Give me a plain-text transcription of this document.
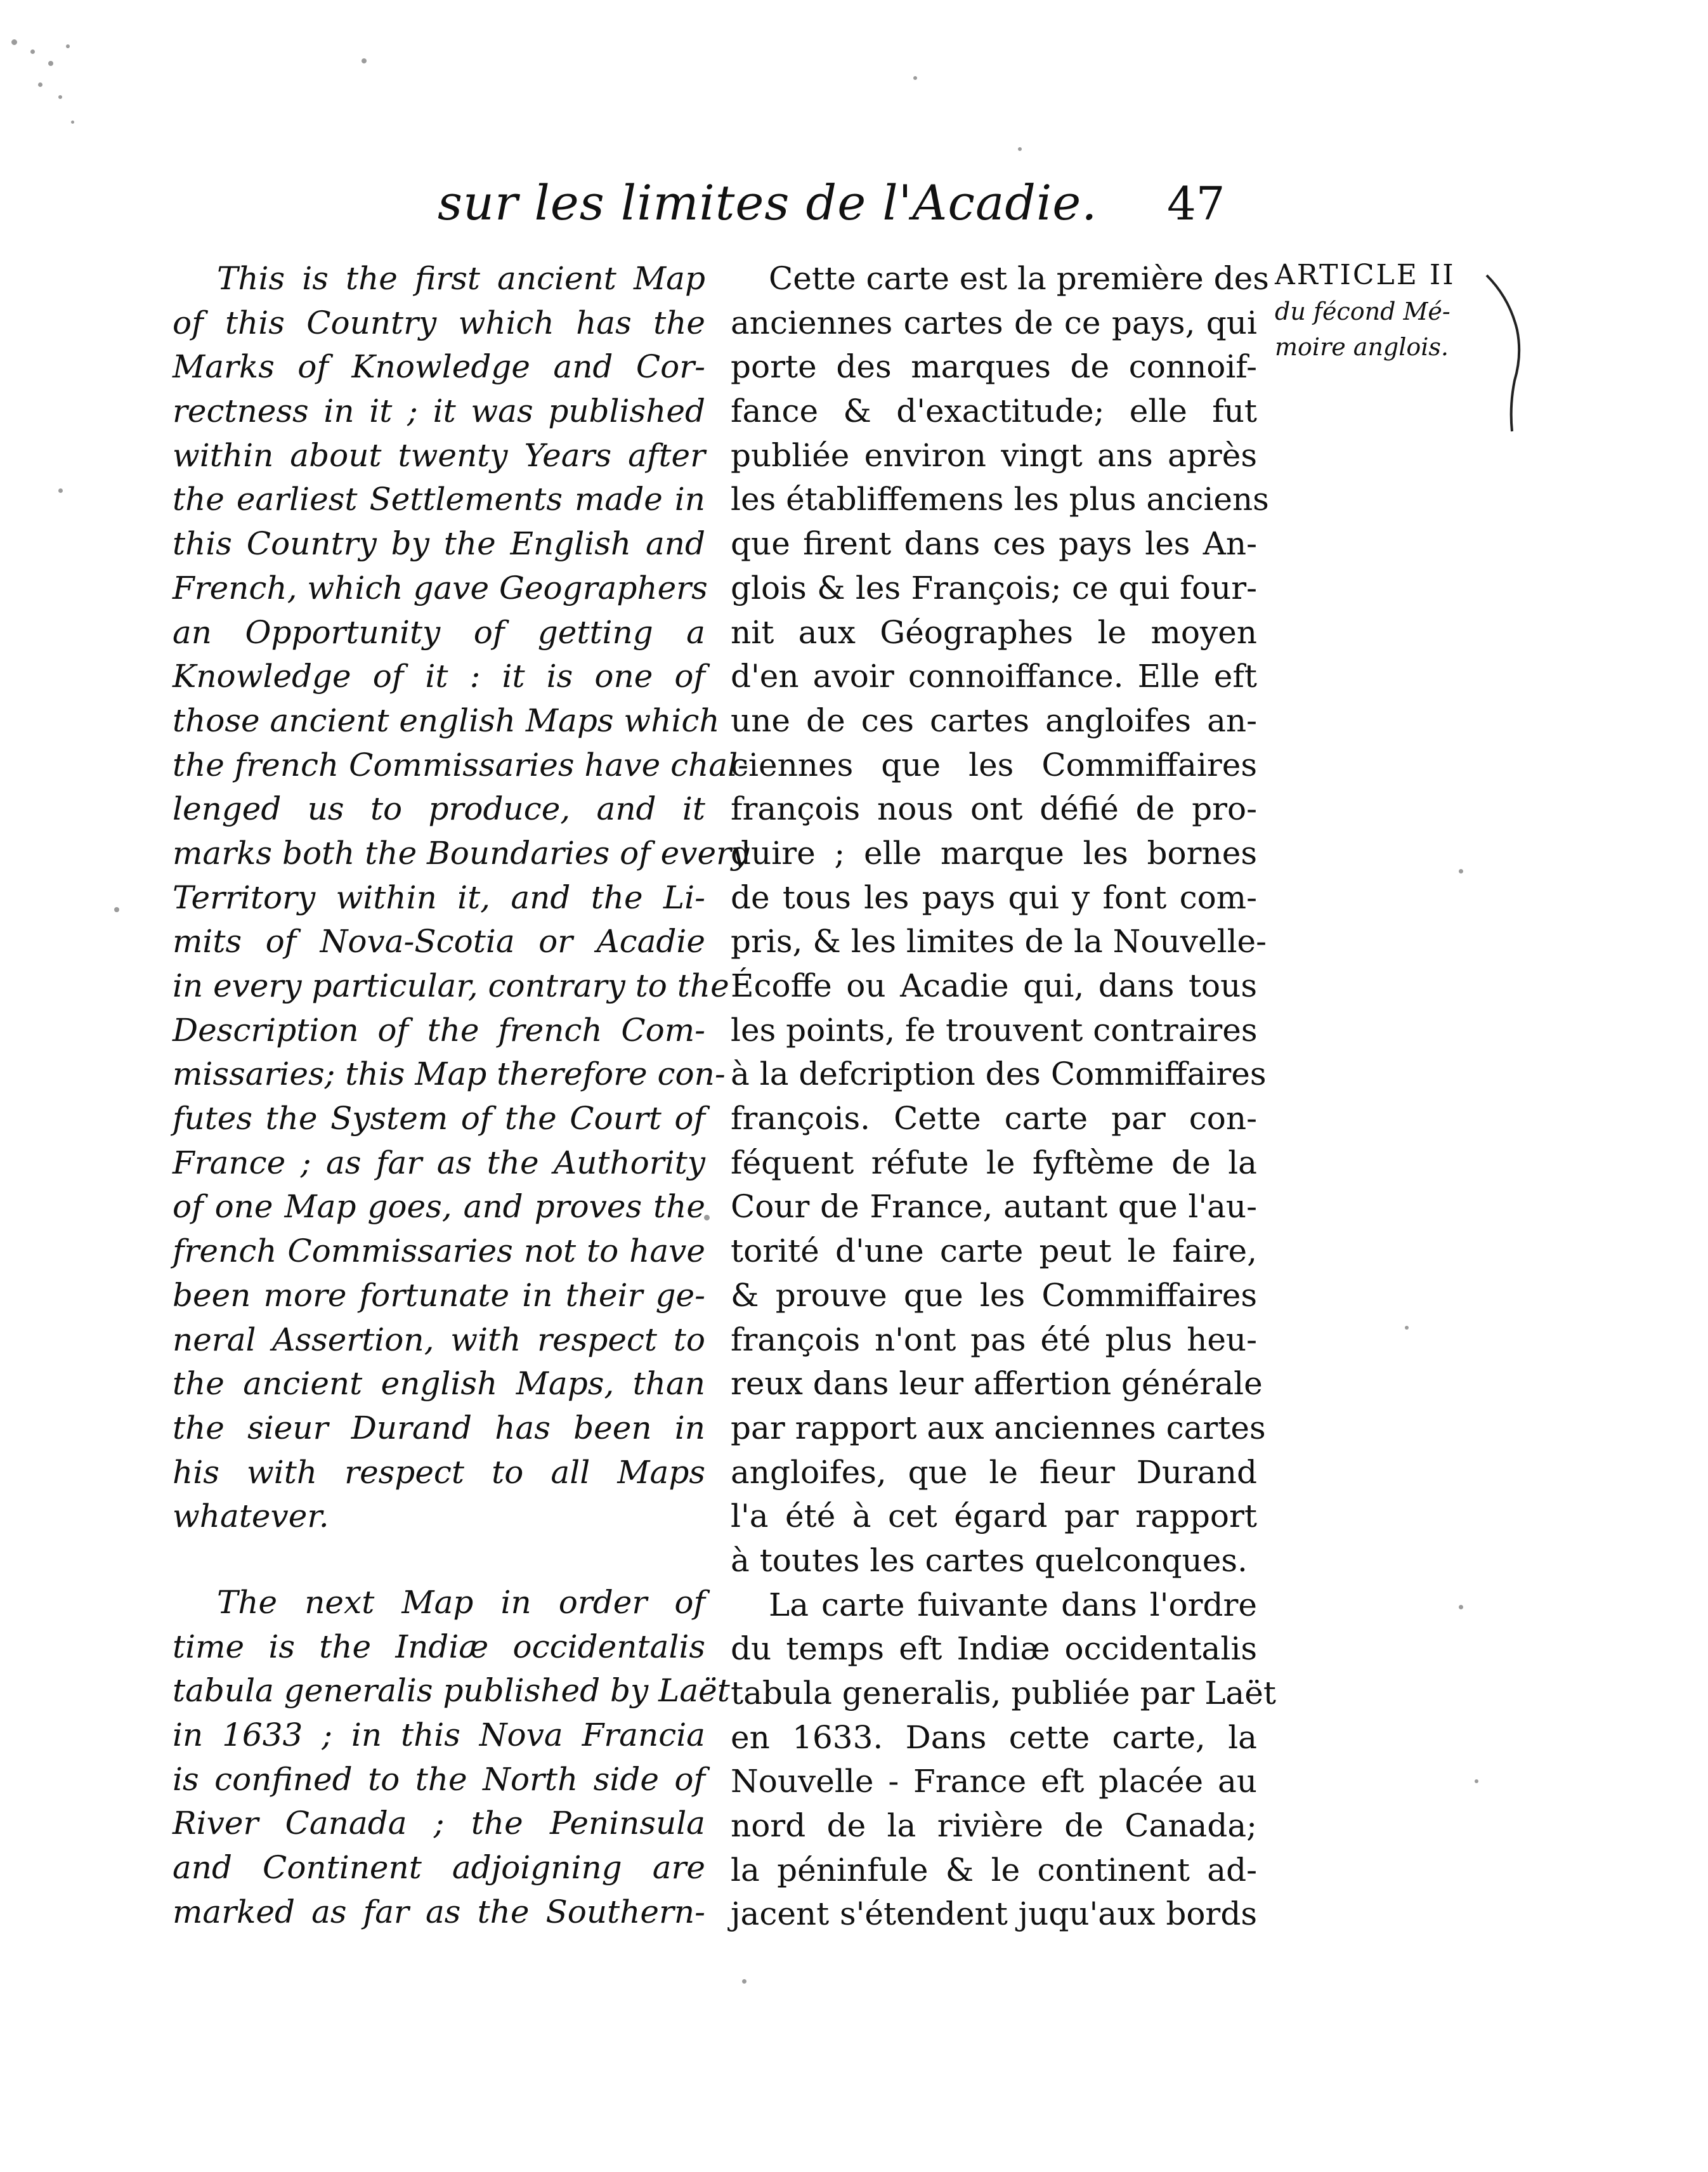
sur les limites de l'Acadie. 47
This is the first ancient Map
of this Country which has the
Marks of Knowledge and Cor-
rectness in it ; it was published
within about twenty Years after
the earliest Settlements made in
this Country by the English and
French, which gave Geographers
an Opportunity of getting a
Knowledge of it : it is one of
those ancient english Maps which
the french Commissaries have chal-
lenged us to produce, and it
marks both the Boundaries of every
Territory within it, and the Li-
mits of Nova-Scotia or Acadie
in every particular, contrary to the
Description of the french Com-
missaries; this Map therefore con-
futes the System of the Court of
France ; as far as the Authority
of one Map goes, and proves the
french Commissaries not to have
been more fortunate in their ge-
neral Assertion, with respect to
the ancient english Maps, than
the sieur Durand has been in
his with respect to all Maps
whatever.
The next Map in order of
time is the Indiæ occidentalis
tabula generalis published by Laët
in 1633 ; in this Nova Francia
is confined to the North side of
River Canada ; the Peninsula
and Continent adjoigning are
marked as far as the Southern-
Cette carte est la première des
anciennes cartes de ce pays, qui
porte des marques de connoif-
fance & d'exactitude; elle fut
publiée environ vingt ans après
les établiffemens les plus anciens
que firent dans ces pays les An-
glois & les François; ce qui four-
nit aux Géographes le moyen
d'en avoir connoiffance. Elle eft
une de ces cartes angloifes an-
ciennes que les Commiffaires
françois nous ont défié de pro-
duire ; elle marque les bornes
de tous les pays qui y font com-
pris, & les limites de la Nouvelle-
Écoffe ou Acadie qui, dans tous
les points, fe trouvent contraires
à la defcription des Commiffaires
françois. Cette carte par con-
féquent réfute le fyftème de la
Cour de France, autant que l'au-
torité d'une carte peut le faire,
& prouve que les Commiffaires
françois n'ont pas été plus heu-
reux dans leur affertion générale
par rapport aux anciennes cartes
angloifes, que le fieur Durand
l'a été à cet égard par rapport
à toutes les cartes quelconques.
La carte fuivante dans l'ordre
du temps eft Indiæ occidentalis
tabula generalis, publiée par Laët
en 1633. Dans cette carte, la
Nouvelle - France eft placée au
nord de la rivière de Canada;
la péninfule & le continent ad-
jacent s'étendent juqu'aux bords
ARTICLE II
du fécond Mé-
moire anglois.
